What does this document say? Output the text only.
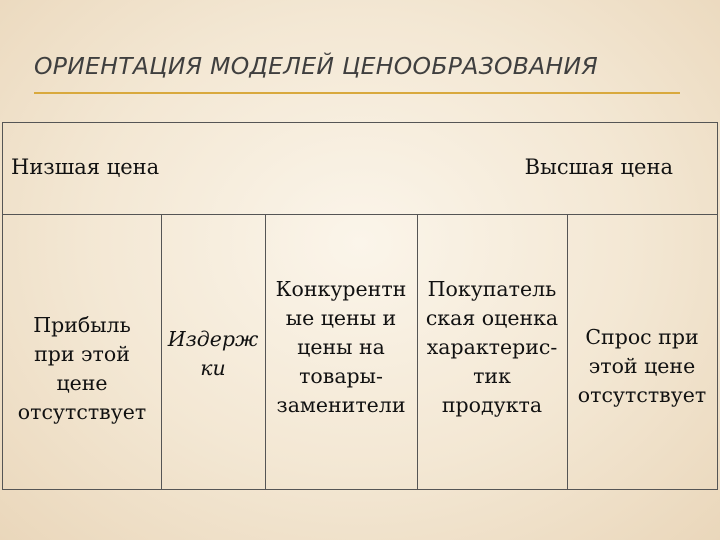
ОРИЕНТАЦИЯ МОДЕЛЕЙ ЦЕНООБРАЗОВАНИЯ
Низшая цена	Высшая цена
Прибыль
при этой
цене
отсутствует
Издерж
ки
Конкурентн
ые цены и
цены на
товары-
заменители
Покупатель
ская оценка
характерис-
тик
продукта
Спрос при
этой цене
отсутствует
